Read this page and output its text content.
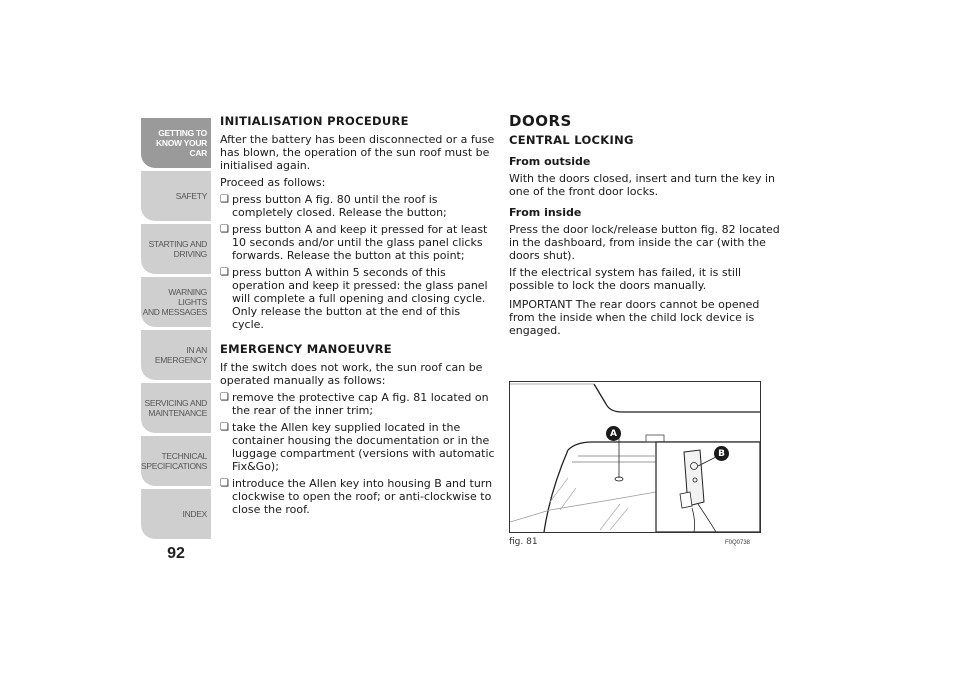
GETTING TO
KNOW YOUR CAR
SAFETY
STARTING AND
DRIVING
WARNING LIGHTS
AND MESSAGES
IN AN EMERGENCY
SERVICING AND
MAINTENANCE
TECHNICAL
SPECIFICATIONS
INDEX
92
INITIALISATION PROCEDURE

After the battery has been disconnected or a fuse has blown, the operation of the sun roof must be initialised again.

Proceed as follows:

❏ press button A fig. 80 until the roof is completely closed. Release the button;
❏ press button A and keep it pressed for at least 10 seconds and/or until the glass panel clicks forwards. Release the button at this point;
❏ press button A within 5 seconds of this operation and keep it pressed: the glass panel will complete a full opening and closing cycle. Only release the button at the end of this cycle.
EMERGENCY MANOEUVRE

If the switch does not work, the sun roof can be operated manually as follows:

❏ remove the protective cap A fig. 81 located on the rear of the inner trim;
❏ take the Allen key supplied located in the container housing the documentation or in the luggage compartment (versions with automatic Fix&Go);
❏ introduce the Allen key into housing B and turn clockwise to open the roof; or anti-clockwise to close the roof.
DOORS
CENTRAL LOCKING
From outside

With the doors closed, insert and turn the key in one of the front door locks.

From inside

Press the door lock/release button fig. 82 located in the dashboard, from inside the car (with the doors shut).

If the electrical system has failed, it is still possible to lock the doors manually.

IMPORTANT The rear doors cannot be opened from the inside when the child lock device is engaged.

A
B
fig. 81	F0Q0738
